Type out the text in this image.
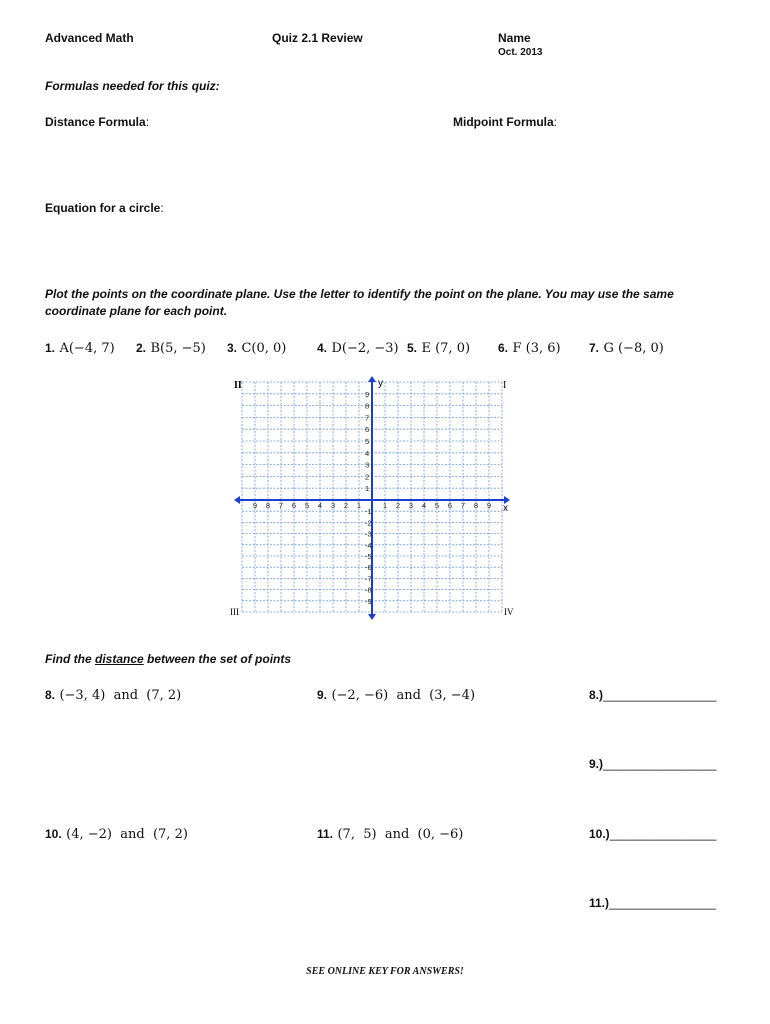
Advanced Math	Quiz 2.1 Review	Name
Oct. 2013
Formulas needed for this quiz:
Distance Formula:	Midpoint Formula:
Equation for a circle:
Plot the points on the coordinate plane. Use the letter to identify the point on the plane. You may use the same coordinate plane for each point.
1. A(−4, 7) 2. B(5, −5) 3. C(0, 0)	4. D(−2, −3) 5. E (7, 0) 6. F (3, 6) 7. G (−8, 0)
9
-9
8
-8
7
-7
6
-6
5
-5
4
-4
3
-3
2
-2
1
-1
1
1
2
2
3
3
4
4
5
5
6
6
7
7
8
8
9
9
y
x
I
II
III	IV
Find the distance between the set of points
8. (−3, 4)  and  (7, 2)	9. (−2, −6)  and  (3, −4)
10. (4, −2)  and  (7, 2)	11. (7,  5)  and  (0, −6)
8.)_________________
9.)_________________
10.)________________
11.)________________
SEE ONLINE KEY FOR ANSWERS!
